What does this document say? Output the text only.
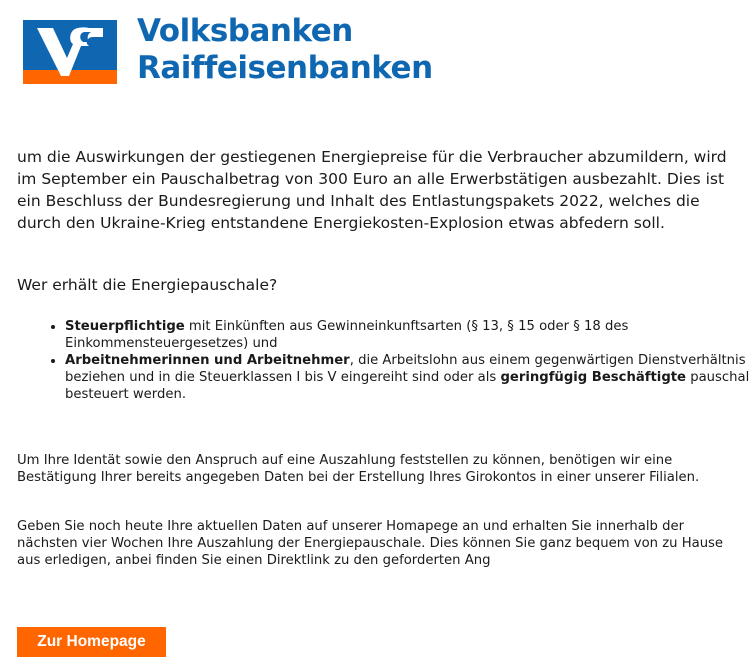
Volksbanken
Raiffeisenbanken

um die Auswirkungen der gestiegenen Energiepreise für die Verbraucher abzumildern, wird im September ein Pauschalbetrag von 300 Euro an alle Erwerbstätigen ausbezahlt. Dies ist ein Beschluss der Bundesregierung und Inhalt des Entlastungspakets 2022, welches die durch den Ukraine-Krieg entstandene Energiekosten-Explosion etwas abfedern soll.

Wer erhält die Energiepauschale?

• Steuerpflichtige mit Einkünften aus Gewinneinkunftsarten (§ 13, § 15 oder § 18 des Einkommensteuergesetzes) und
• Arbeitnehmerinnen und Arbeitnehmer, die Arbeitslohn aus einem gegenwärtigen Dienstverhältnis beziehen und in die Steuerklassen I bis V eingereiht sind oder als geringfügig Beschäftigte pauschal besteuert werden.

Um Ihre Identät sowie den Anspruch auf eine Auszahlung feststellen zu können, benötigen wir eine Bestätigung Ihrer bereits angegeben Daten bei der Erstellung Ihres Girokontos in einer unserer Filialen.

Geben Sie noch heute Ihre aktuellen Daten auf unserer Homapege an und erhalten Sie innerhalb der nächsten vier Wochen Ihre Auszahlung der Energiepauschale. Dies können Sie ganz bequem von zu Hause aus erledigen, anbei finden Sie einen Direktlink zu den geforderten Ang

Zur Homepage
